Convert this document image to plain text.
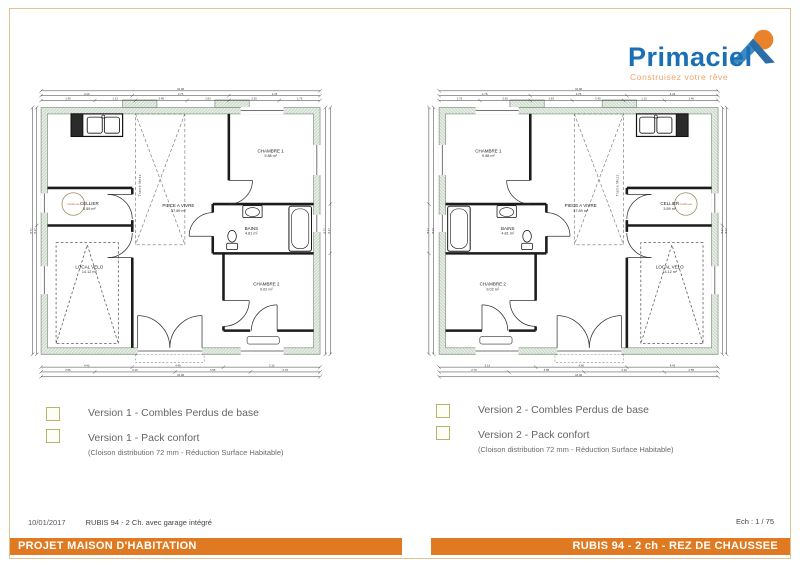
Primaciel
Construisez votre rêve
PIECE A VIVRE 37.89 m²
CHAMBRE 1 9.88 m²
CHAMBRE 2 9.02 m²
BAINS 4.81 m²
CELLIER 3.59 m²
LOCAL VELO 14.12 m²
Trame Mezz.
Chauffe-eau
10.96
4.43	4.75	1.78
1.40	1.13	2.40	1.93	2.35	1.75
8.77 8.17	8.77 8.17
4.43	4.40	2.13
2.55	2.10	3.55	2.76
10.96
PIECE A VIVRE 37.89 m²
CHAMBRE 1 9.88 m²
CHAMBRE 2 9.02 m²
BAINS 4.81 m²
CELLIER 3.59 m²
LOCAL VELO 14.12 m²
Trame Mezz.
Chauffe-eau
10.96
4.43
4.75
1.78
1.40
1.13
2.40
1.93
2.35
1.75
8.77
8.17
8.77
8.17
4.43
4.40
2.13
2.55
2.10
3.55
2.76
10.96
Version 1 - Combles Perdus de base
Version 1 - Pack confort
(Cloison distribution 72 mm - Réduction Surface Habitable)
Version 2 - Combles Perdus de base
Version 2 - Pack confort
(Cloison distribution 72 mm - Réduction Surface Habitable)
10/01/2017	RUBIS 94 - 2 Ch. avec garage intégré	Ech : 1 / 75
PROJET MAISON D'HABITATION	RUBIS 94 - 2 ch - REZ DE CHAUSSEE
